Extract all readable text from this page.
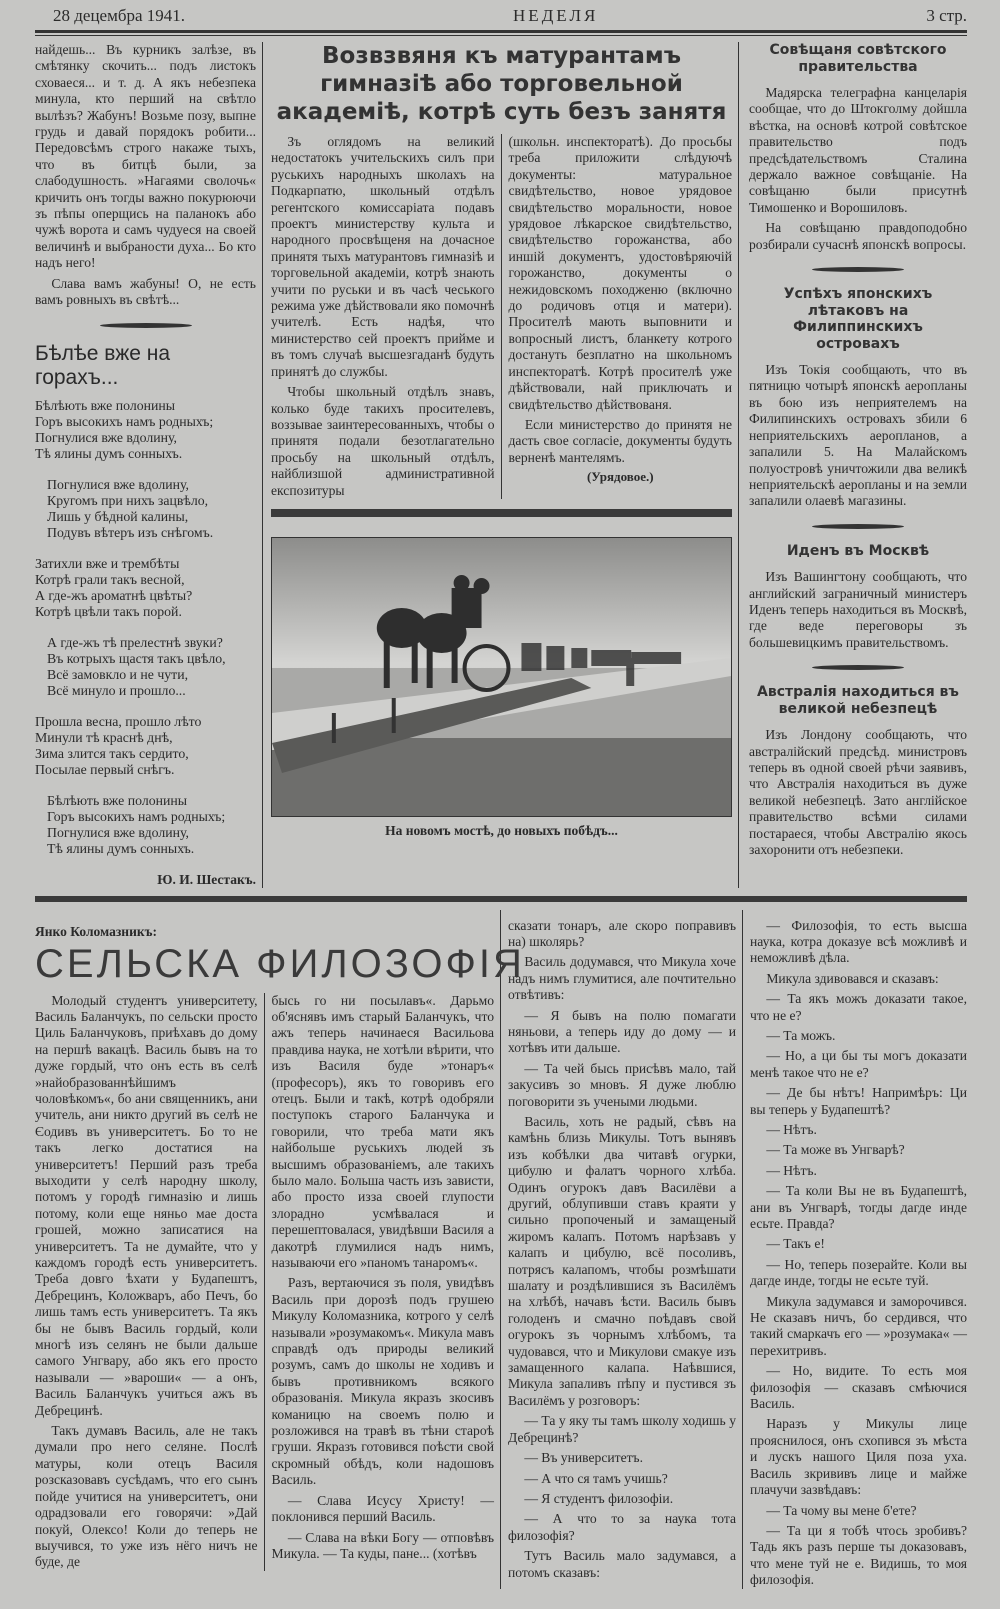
28 децембра 1941.	НЕДЕЛЯ	3 стр.

найдешь... Въ курникъ залѣзе, въ смѣтянку скочить... подъ листокъ сховаеся... и т. д. А якъ небезпека минула, кто перший на свѣтло вылѣзъ? Жабунъ! Возьме позу, выпне грудь и давай порядокъ робити... Передовсѣмъ строго накаже тыхъ, что въ битцѣ были, за слабодушность. »Нагаями сволочь« кричить онъ тогды важно покурюючи зъ пѣпы оперщись на паланокъ або чужѣ ворота и самъ чудуеся на своей величинѣ и выбраности духа... Бо кто надъ него!

Слава вамъ жабуны! О, не есть вамъ ровныхъ въ свѣтѣ...

Бѣлѣе вже на горахъ...
Бѣлѣють вже полонины
Горъ высокихъ намъ родныхъ;
Погнулися вже вдолину,
Тѣ ялины думъ сонныхъ.
Погнулися вже вдолину,
Кругомъ при нихъ зацвѣло,
Лишь у бѣдной калины,
Подувъ вѣтеръ изъ снѣгомъ.
Затихли вже и трембѣты
Котрѣ грали такъ весной,
А где-жъ ароматнѣ цвѣты?
Котрѣ цвѣли такъ порой.
А где-жъ тѣ прелестнѣ звуки?
Въ котрыхъ щастя такъ цвѣло,
Всё замовкло и не чути,
Всё минуло и прошло...
Прошла весна, прошло лѣто
Минули тѣ краснѣ днѣ,
Зима злится такъ сердито,
Посылае первый снѣгъ.
Бѣлѣють вже полонины
Горъ высокихъ намъ родныхъ;
Погнулися вже вдолину,
Тѣ ялины думъ сонныхъ.
Ю. И. Шестакъ.
Возвзвяня къ матурантамъ гимназіѣ або торговельной академіѣ, котрѣ суть безъ занятя

Зъ оглядомъ на великий недостатокъ учительскихъ силъ при руськихъ народныхъ школахъ на Подкарпатю, школьный отдѣлъ регентского комиссаріата подавъ проектъ министерству культа и народного просвѣщеня на дочасное принятя тыхъ матурантовъ гимназіѣ и торговельной академіи, котрѣ знають учити по руськи и въ часѣ чеського режима уже дѣйствовали яко помочнѣ учителѣ. Есть надѣя, что министерство сей проектъ прийме и въ томъ случаѣ высшезгаданѣ будуть принятѣ до службы.

Чтобы школьный отдѣлъ знавъ, колько буде такихъ просителевъ, воззывае заинтересованныхъ, чтобы о принятя подали безотлагательно просьбу на школьный отдѣлъ, найблизшой административной експозитуры

(школьн. инспекторатѣ). До просьбы треба приложити слѣдуючѣ документы: матуральное свидѣтельство, новое урядовое свидѣтельство моральности, новое урядовое лѣкарское свидѣтельство, свидѣтельство горожанства, або иншій документъ, удостовѣряючій горожанство, документы о нежидовскомъ походженю (включно до родичовъ отця и матери). Просителѣ мають выповнити и вопросный листъ, бланкету котрого достануть безплатно на школьномъ инспекторатѣ. Котрѣ просителѣ уже дѣйствовали, най приключать и свидѣтельство дѣйствованя.

Если министерство до принятя не дасть свое согласіе, документы будуть верненѣ мантелямъ.

(Урядовое.)
На новомъ мостѣ, до новыхъ побѣдъ...
Совѣщаня совѣтского правительства

Мадярска телеграфна канцеларія сообщае, что до Штокголму дойшла вѣстка, на основѣ котрой совѣтское правительство подъ предсѣдательствомъ Сталина держало важное совѣщаніе. На совѣщаню были присутнѣ Тимошенко и Ворошиловъ.

На совѣщаню правдоподобно розбирали сучаснѣ японскѣ вопросы.

Успѣхъ японскихъ лѣтаковъ на Филиппинскихъ островахъ

Изъ Токія сообщають, что въ пятницю чотырѣ японскѣ аеропланы въ бою изъ неприятелемъ на Филипинскихъ островахъ збили 6 неприятельскихъ аеропланов, а запалили 5. На Малайскомъ полуостровѣ уничтожили два великѣ неприятельскѣ аеропланы и на земли запалили олаевѣ магазины.

Иденъ въ Москвѣ

Изъ Вашингтону сообщають, что английский заграничный министеръ Иденъ теперь находиться въ Москвѣ, где веде переговоры зъ большевицкимъ правительствомъ.

Австралія находиться въ великой небезпецѣ

Изъ Лондону сообщають, что австралійский предсѣд. министровъ теперь въ одной своей рѣчи заявивъ, что Австралія находиться въ дуже великой небезпецѣ. Зато англійское правительство всѣми силами постараеся, чтобы Австралію якось захоронити отъ небезпеки.

Янко Коломазникъ:
СЕЛЬСКА ФИЛОЗОФІЯ

Молодый студентъ университету, Василь Баланчукъ, по сельски просто Циль Баланчуковъ, приѣхавъ до дому на першѣ вакацѣ. Василь бывъ на то дуже гордый, что онъ есть въ селѣ »найобразованнѣйшимъ чоловѣкомъ«, бо ани священникъ, ани учитель, ани никто другий въ селѣ не Єодивъ въ университетъ. Бо то не такъ легко достатися на университетъ! Перший разъ треба выходити у селѣ народну школу, потомъ у городѣ гимназію и лишь потому, коли еще няньо мае доста грошей, можно записатися на университетъ. Та не думайте, что у каждомъ городѣ есть университетъ. Треба довго ѣхати у Будапештъ, Дебрецинъ, Коложваръ, або Печъ, бо лишь тамъ есть университетъ. Та якъ бы не бывъ Василь гордый, коли многѣ изъ селянъ не были дальше самого Унгвару, або якъ его просто называли — »вароши« — а онъ, Василь Баланчукъ учиться ажъ въ Дебрецинѣ.

Такъ думавъ Василь, але не такъ думали про него селяне. Послѣ матуры, коли отецъ Василя розсказовавъ сусѣдамъ, что его сынъ пойде учитися на университетъ, они одрадзовали его говорячи: »Дай покуй, Олексо! Коли до теперь не выучився, то уже изъ нёго ничъ не буде, де

бысь го ни посылавъ«. Дарьмо об'яснявъ имъ старый Баланчукъ, что ажъ теперь начинаеся Васильова правдива наука, не хотѣли вѣрити, что изъ Василя буде »тонаръ« (професоръ), якъ то говоривъ его отецъ. Были и такѣ, котрѣ одобряли поступокъ старого Баланчука и говорили, что треба мати якъ найбольше руськихъ людей зъ высшимъ образованіемъ, але такихъ было мало. Больша часть изъ зависти, або просто изза своей глупости злорадно усмѣвалася и перешептовалася, увидѣвши Василя а дакотрѣ глумилися надъ нимъ, называючи его »паномъ танаромъ«.

Разъ, вертаючися зъ поля, увидѣвъ Василь при дорозѣ подъ грушею Микулу Коломазника, котрого у селѣ называли »розумакомъ«. Микула мавъ справдѣ одъ природы великий розумъ, самъ до школы не ходивъ и бывъ противникомъ всякого образованія. Микула якразъ зкосивъ команицю на своемъ полю и розложився на травѣ въ тѣни староѣ груши. Якразъ готовився поѣсти свой скромный обѣдъ, коли надошовъ Василь.

— Слава Исусу Христу! — поклонився перший Василь.

— Слава на вѣки Богу — отповѣвъ Микула. — Та куды, пане... (хотѣвъ

сказати тонаръ, але скоро поправивъ на) школярь?

Василь додумався, что Микула хоче надъ нимъ глумитися, але почтительно отвѣтивъ:

— Я бывъ на полю помагати няньови, а теперь иду до дому — и хотѣвъ ити дальше.

— Та чей бысь присѣвъ мало, тай закусивъ зо мновъ. Я дуже люблю поговорити зъ учеными людьми.

Василь, хоть не радый, сѣвъ на камѣнь близь Микулы. Тотъ вынявъ изъ кобѣлки два читавѣ огурки, цибулю и фалатъ чорного хлѣба. Одинъ огурокъ давъ Василёви а другий, облупивши ставъ краяти у сильно пропоченый и замащеный жиромъ калапъ. Потомъ нарѣзавъ у калапъ и цибулю, всё посоливъ, потрясъ калапомъ, чтобы розмѣшати шалату и роздѣлившися зъ Василёмъ на хлѣбѣ, начавъ ѣсти. Василь бывъ голоденъ и смачно поѣдавъ свой огурокъ зъ чорнымъ хлѣбомъ, та чудовався, что и Микулови смакуе изъ замащенного калапа. Наѣвшися, Микула запаливъ пѣпу и пустився зъ Василёмъ у розговоръ:

— Та у яку ты тамъ школу ходишь у Дебрецинѣ?

— Въ университетъ.

— А что ся тамъ учишь?

— Я студентъ филозофіи.

— А что то за наука тота филозофія?

Тутъ Василь мало задумався, а потомъ сказавъ:

— Филозофія, то есть высша наука, котра доказуе всѣ можливѣ и неможливѣ дѣла.

Микула здивовався и сказавъ:

— Та якъ можъ доказати такое, что не е?

— Та можъ.

— Но, а ци бы ты могъ доказати менѣ такое что не е?

— Де бы нѣтъ! Напримѣръ: Ци вы теперь у Будапештѣ?

— Нѣтъ.

— Та може въ Унгварѣ?

— Нѣтъ.

— Та коли Вы не въ Будапештѣ, ани въ Унгварѣ, тогды дагде инде есьте. Правда?

— Такъ е!

— Но, теперь позерайте. Коли вы дагде инде, тогды не есьте туй.

Микула задумався и заморочився. Не сказавъ ничъ, бо сердився, что такий смаркачъ его — »розумака« — перехитривъ.

— Но, видите. То есть моя филозофія — сказавъ смѣючися Василь.

Наразъ у Микулы лице прояснилося, онъ схопився зъ мѣста и лускъ нашого Циля поза уха. Василь зкрививъ лице и майже плачучи зазвѣдавъ:

— Та чому вы мене б'ете?

— Та ци я тобѣ чтось зробивъ? Тадь якъ разъ перше ты доказовавъ, что мене туй не е. Видишь, то моя филозофія.
